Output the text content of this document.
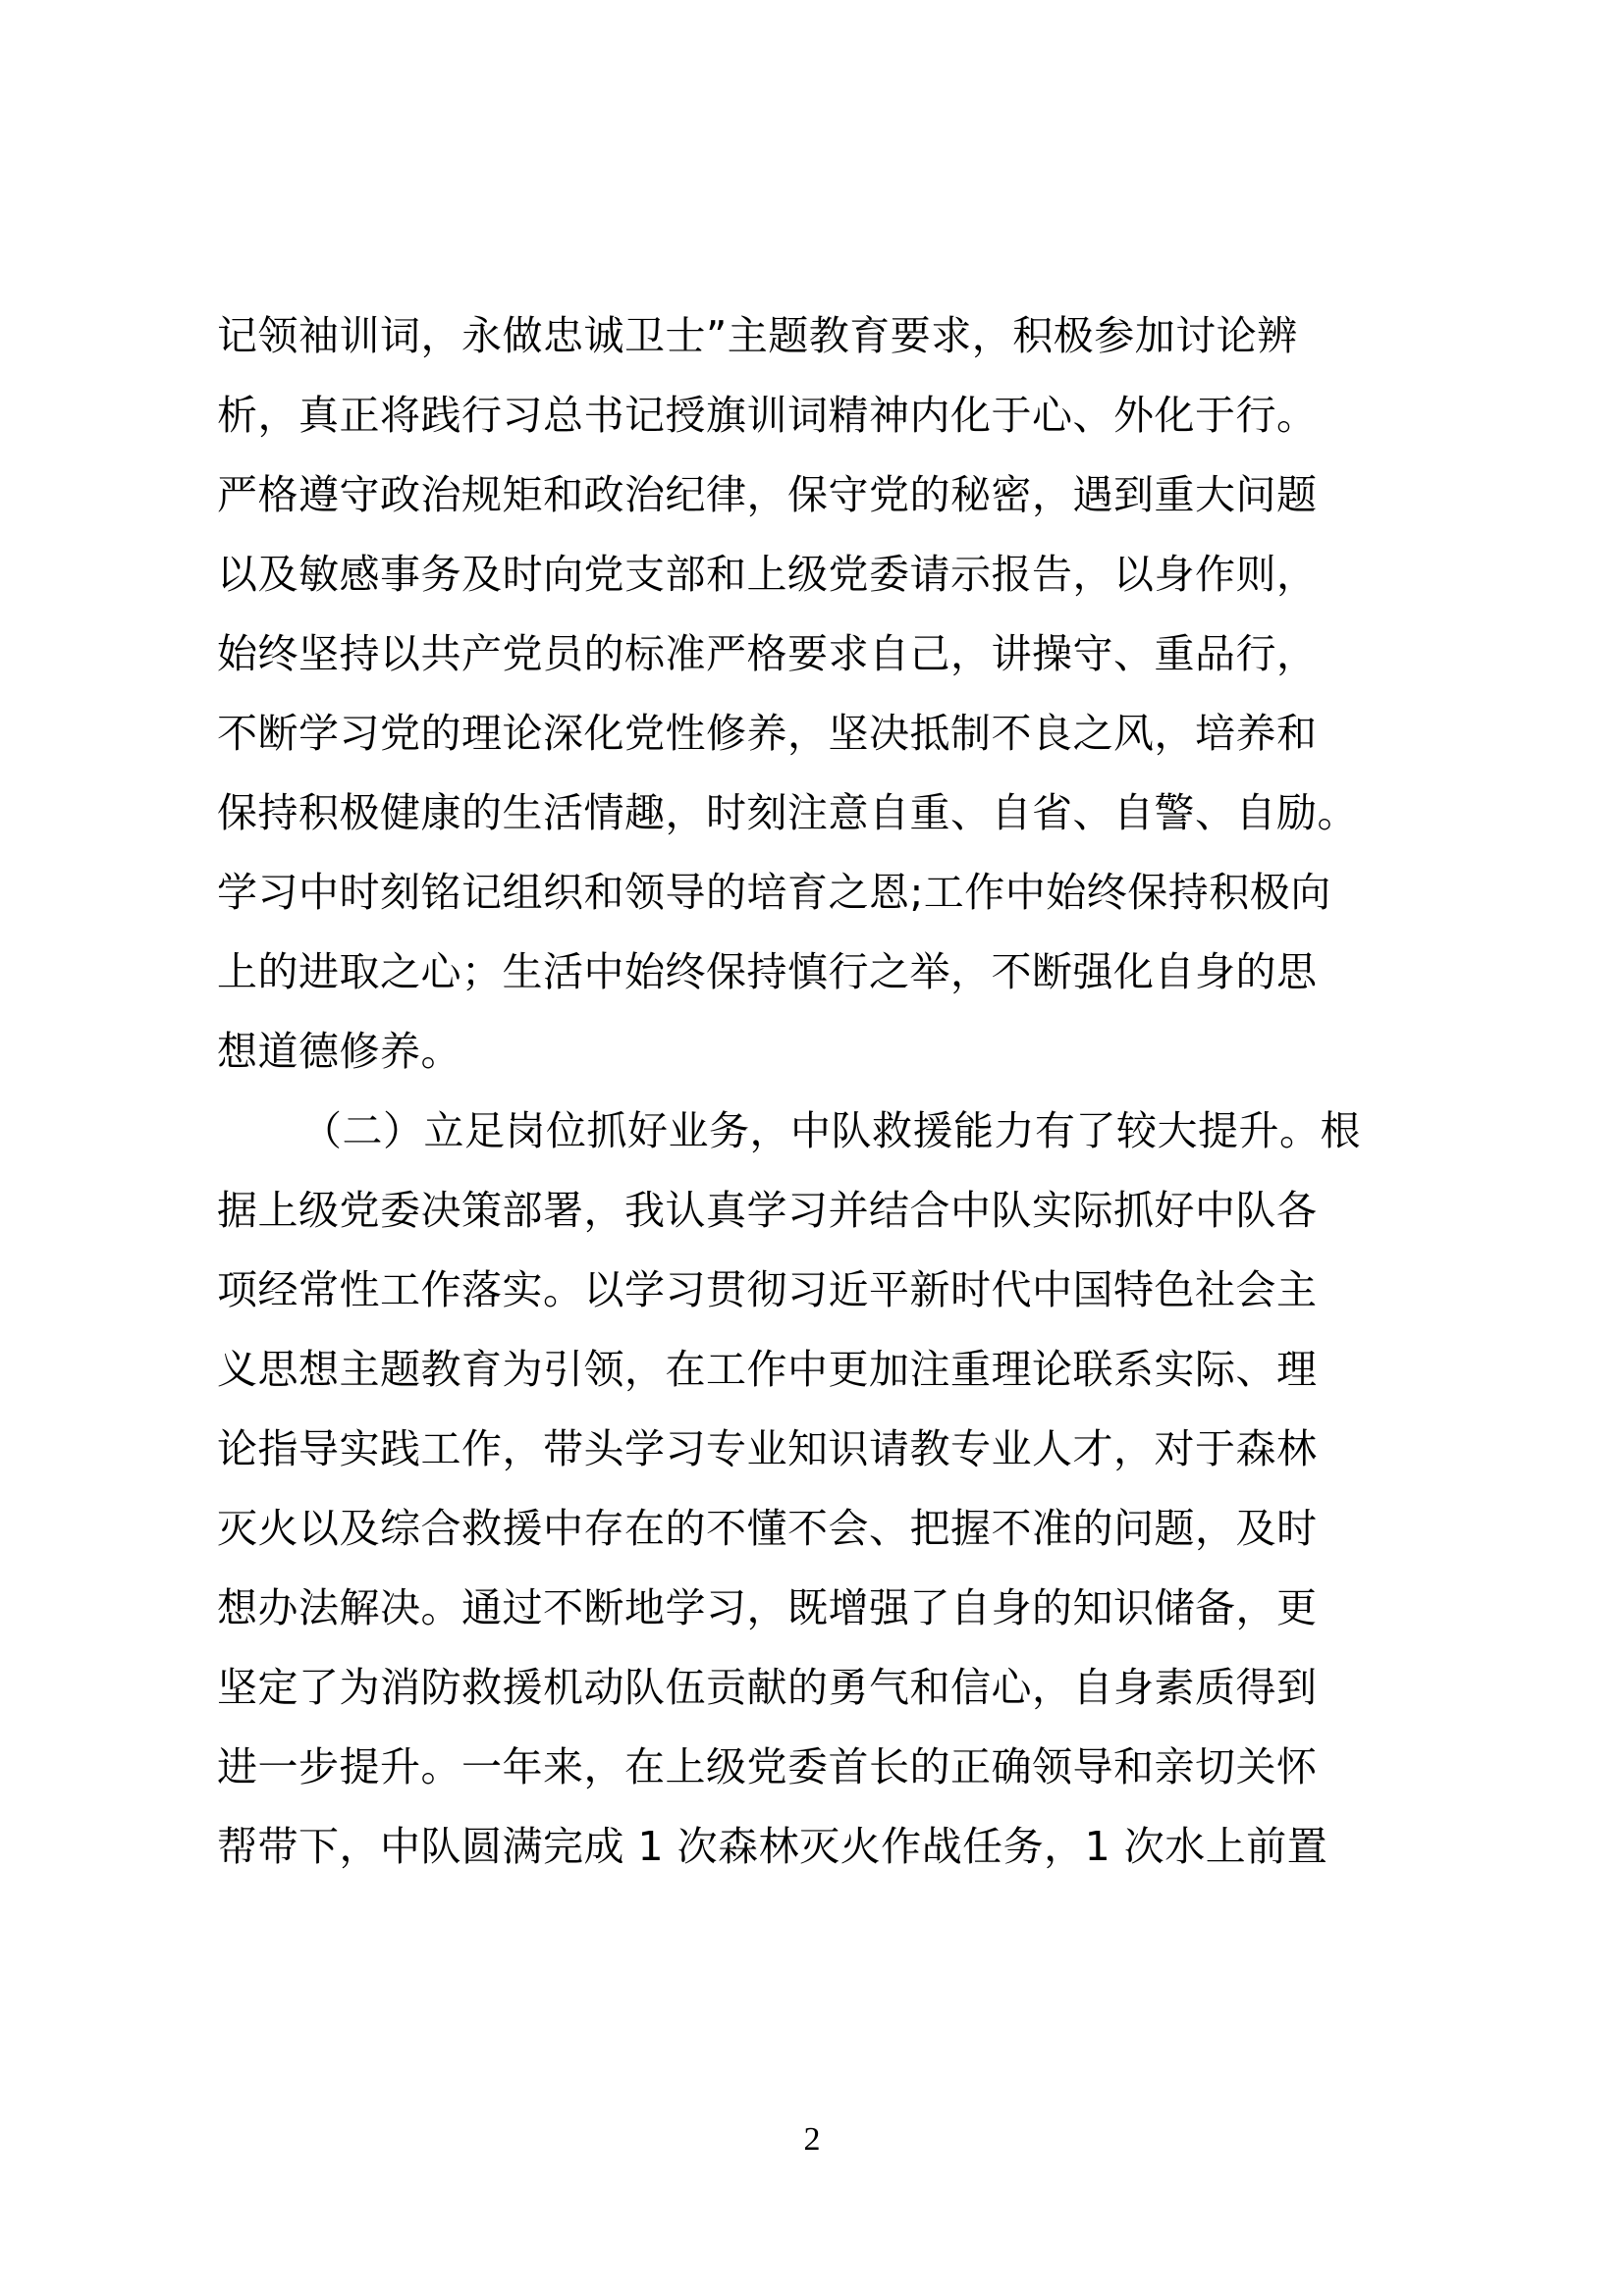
记领袖训词，永做忠诚卫士”主题教育要求，积极参加讨论辨
析，真正将践行习总书记授旗训词精神内化于心、外化于行。
严格遵守政治规矩和政治纪律，保守党的秘密，遇到重大问题
以及敏感事务及时向党支部和上级党委请示报告，以身作则，
始终坚持以共产党员的标准严格要求自己，讲操守、重品行，
不断学习党的理论深化党性修养，坚决抵制不良之风，培养和
保持积极健康的生活情趣，时刻注意自重、自省、自警、自励。
学习中时刻铭记组织和领导的培育之恩;工作中始终保持积极向
上的进取之心；生活中始终保持慎行之举，不断强化自身的思
想道德修养。
（二）立足岗位抓好业务，中队救援能力有了较大提升。根
据上级党委决策部署，我认真学习并结合中队实际抓好中队各
项经常性工作落实。以学习贯彻习近平新时代中国特色社会主
义思想主题教育为引领，在工作中更加注重理论联系实际、理
论指导实践工作，带头学习专业知识请教专业人才，对于森林
灭火以及综合救援中存在的不懂不会、把握不准的问题，及时
想办法解决。通过不断地学习，既增强了自身的知识储备，更
坚定了为消防救援机动队伍贡献的勇气和信心，自身素质得到
进一步提升。一年来，在上级党委首长的正确领导和亲切关怀
帮带下，中队圆满完成 1 次森林灭火作战任务，1 次水上前置
2
